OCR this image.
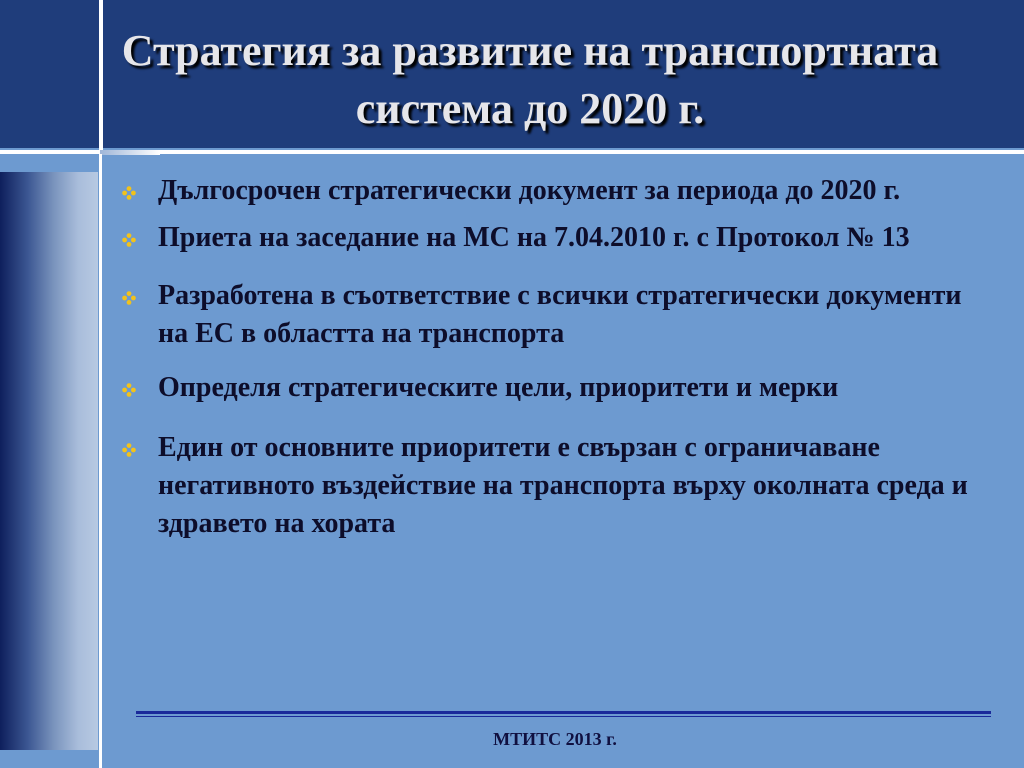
Стратегия за развитие на транспортната система до 2020 г.

Дългосрочен стратегически документ за периода до 2020 г.

Приета на заседание на МС на 7.04.2010 г. с Протокол № 13

Разработена в съответствие с всички стратегически документи на ЕС в областта на транспорта

Определя стратегическите цели, приоритети и мерки

Един от основните приоритети е свързан с ограничаване негативното въздействие на транспорта върху околната среда и здравето на хората

МТИТС 2013 г.
